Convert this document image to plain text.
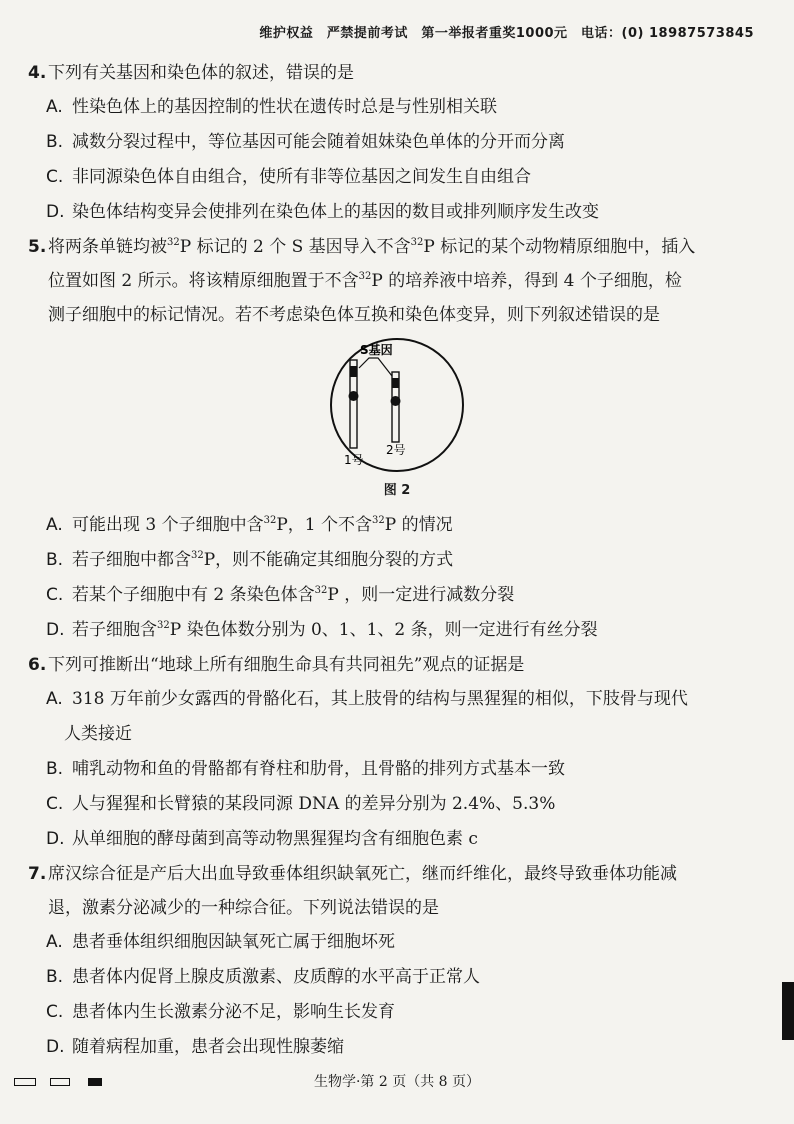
维护权益　严禁提前考试　第一举报者重奖1000元　电话：(0) 18987573845
4. 下列有关基因和染色体的叙述，错误的是
A. 性染色体上的基因控制的性状在遗传时总是与性别相关联
B. 减数分裂过程中，等位基因可能会随着姐妹染色单体的分开而分离
C. 非同源染色体自由组合，使所有非等位基因之间发生自由组合
D. 染色体结构变异会使排列在染色体上的基因的数目或排列顺序发生改变
5. 将两条单链均被$^{32}$P 标记的 2 个 S 基因导入不含$^{32}$P 标记的某个动物精原细胞中，插入
位置如图 2 所示。将该精原细胞置于不含$^{32}$P 的培养液中培养，得到 4 个子细胞，检
测子细胞中的标记情况。若不考虑染色体互换和染色体变异，则下列叙述错误的是
S基因
1号
2号
图 2
A. 可能出现 3 个子细胞中含$^{32}$P，1 个不含$^{32}$P 的情况
B. 若子细胞中都含$^{32}$P，则不能确定其细胞分裂的方式
C. 若某个子细胞中有 2 条染色体含$^{32}$P ，则一定进行减数分裂
D. 若子细胞含$^{32}$P 染色体数分别为 0、1、1、2 条，则一定进行有丝分裂
6. 下列可推断出“地球上所有细胞生命具有共同祖先”观点的证据是
A. 318 万年前少女露西的骨骼化石，其上肢骨的结构与黑猩猩的相似，下肢骨与现代
人类接近
B. 哺乳动物和鱼的骨骼都有脊柱和肋骨，且骨骼的排列方式基本一致
C. 人与猩猩和长臂猿的某段同源 DNA 的差异分别为 2.4%、5.3%
D. 从单细胞的酵母菌到高等动物黑猩猩均含有细胞色素 c
7. 席汉综合征是产后大出血导致垂体组织缺氧死亡，继而纤维化，最终导致垂体功能减
退，激素分泌减少的一种综合征。下列说法错误的是
A. 患者垂体组织细胞因缺氧死亡属于细胞坏死
B. 患者体内促肾上腺皮质激素、皮质醇的水平高于正常人
C. 患者体内生长激素分泌不足，影响生长发育
D. 随着病程加重，患者会出现性腺萎缩
生物学·第 2 页（共 8 页）
